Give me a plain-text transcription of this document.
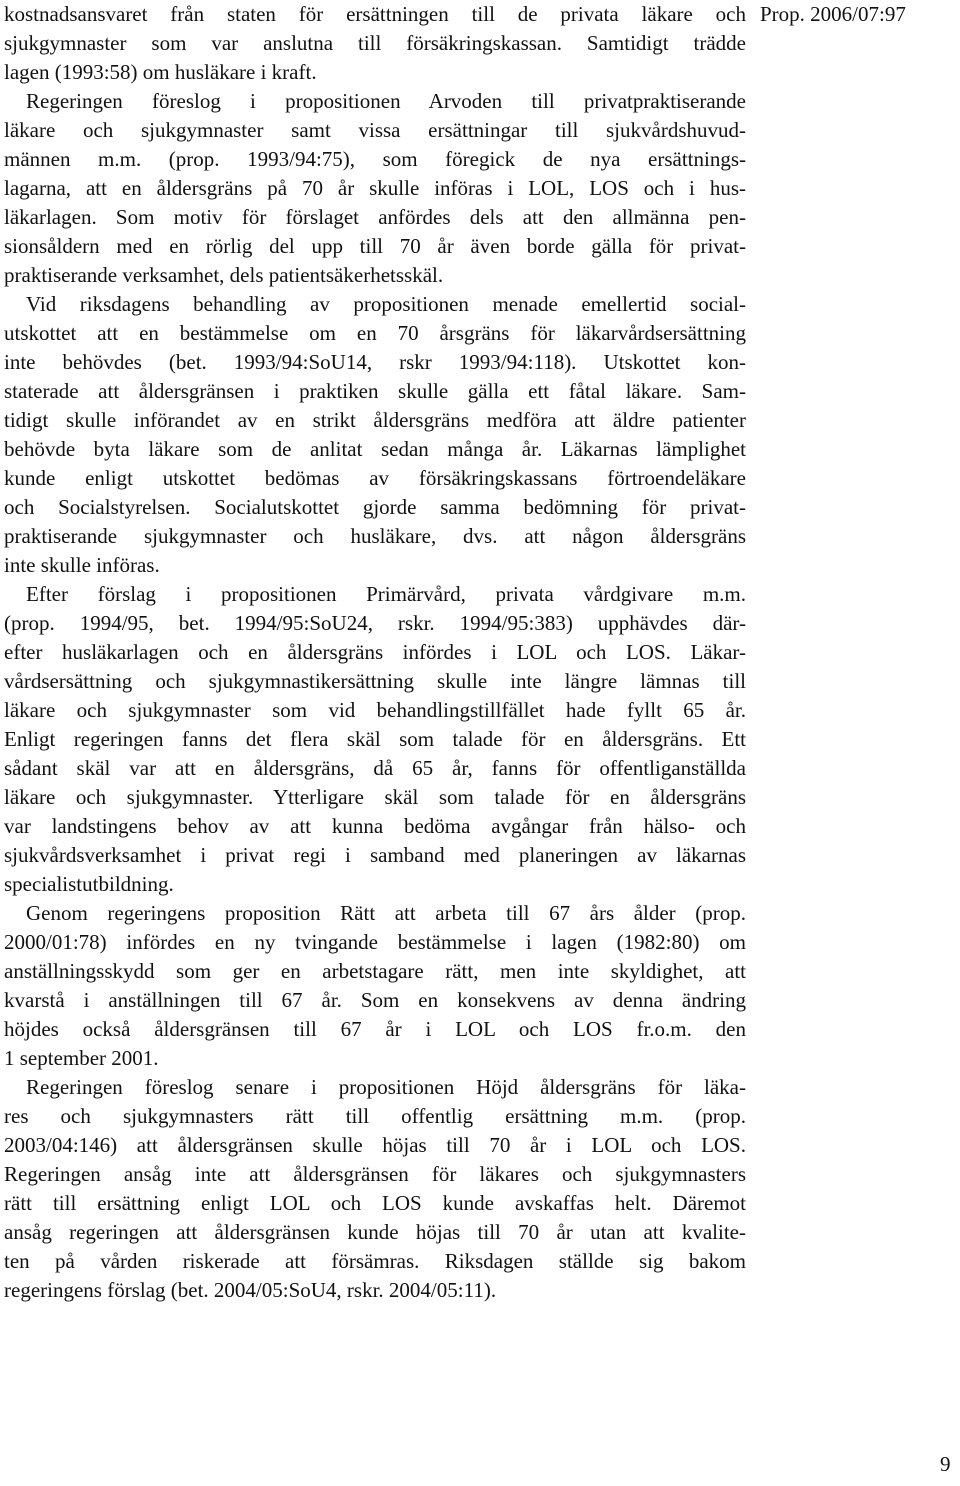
kostnadsansvaret från staten för ersättningen till de privata läkare och
sjukgymnaster som var anslutna till försäkringskassan. Samtidigt trädde
lagen (1993:58) om husläkare i kraft.
Regeringen föreslog i propositionen Arvoden till privatpraktiserande
läkare och sjukgymnaster samt vissa ersättningar till sjukvårdshuvud-
männen m.m. (prop. 1993/94:75), som föregick de nya ersättnings-
lagarna, att en åldersgräns på 70 år skulle införas i LOL, LOS och i hus-
läkarlagen. Som motiv för förslaget anfördes dels att den allmänna pen-
sionsåldern med en rörlig del upp till 70 år även borde gälla för privat-
praktiserande verksamhet, dels patientsäkerhetsskäl.
Vid riksdagens behandling av propositionen menade emellertid social-
utskottet att en bestämmelse om en 70 årsgräns för läkarvårdsersättning
inte behövdes (bet. 1993/94:SoU14, rskr 1993/94:118). Utskottet kon-
staterade att åldersgränsen i praktiken skulle gälla ett fåtal läkare. Sam-
tidigt skulle införandet av en strikt åldersgräns medföra att äldre patienter
behövde byta läkare som de anlitat sedan många år. Läkarnas lämplighet
kunde enligt utskottet bedömas av försäkringskassans förtroendeläkare
och Socialstyrelsen. Socialutskottet gjorde samma bedömning för privat-
praktiserande sjukgymnaster och husläkare, dvs. att någon åldersgräns
inte skulle införas.
Efter förslag i propositionen Primärvård, privata vårdgivare m.m.
(prop. 1994/95, bet. 1994/95:SoU24, rskr. 1994/95:383) upphävdes där-
efter husläkarlagen och en åldersgräns infördes i LOL och LOS. Läkar-
vårdsersättning och sjukgymnastikersättning skulle inte längre lämnas till
läkare och sjukgymnaster som vid behandlingstillfället hade fyllt 65 år.
Enligt regeringen fanns det flera skäl som talade för en åldersgräns. Ett
sådant skäl var att en åldersgräns, då 65 år, fanns för offentliganställda
läkare och sjukgymnaster. Ytterligare skäl som talade för en åldersgräns
var landstingens behov av att kunna bedöma avgångar från hälso- och
sjukvårdsverksamhet i privat regi i samband med planeringen av läkarnas
specialistutbildning.
Genom regeringens proposition Rätt att arbeta till 67 års ålder (prop.
2000/01:78) infördes en ny tvingande bestämmelse i lagen (1982:80) om
anställningsskydd som ger en arbetstagare rätt, men inte skyldighet, att
kvarstå i anställningen till 67 år. Som en konsekvens av denna ändring
höjdes också åldersgränsen till 67 år i LOL och LOS fr.o.m. den
1 september 2001.
Regeringen föreslog senare i propositionen Höjd åldersgräns för läka-
res och sjukgymnasters rätt till offentlig ersättning m.m. (prop.
2003/04:146) att åldersgränsen skulle höjas till 70 år i LOL och LOS.
Regeringen ansåg inte att åldersgränsen för läkares och sjukgymnasters
rätt till ersättning enligt LOL och LOS kunde avskaffas helt. Däremot
ansåg regeringen att åldersgränsen kunde höjas till 70 år utan att kvalite-
ten på vården riskerade att försämras. Riksdagen ställde sig bakom
regeringens förslag (bet. 2004/05:SoU4, rskr. 2004/05:11).
Prop. 2006/07:97
9
